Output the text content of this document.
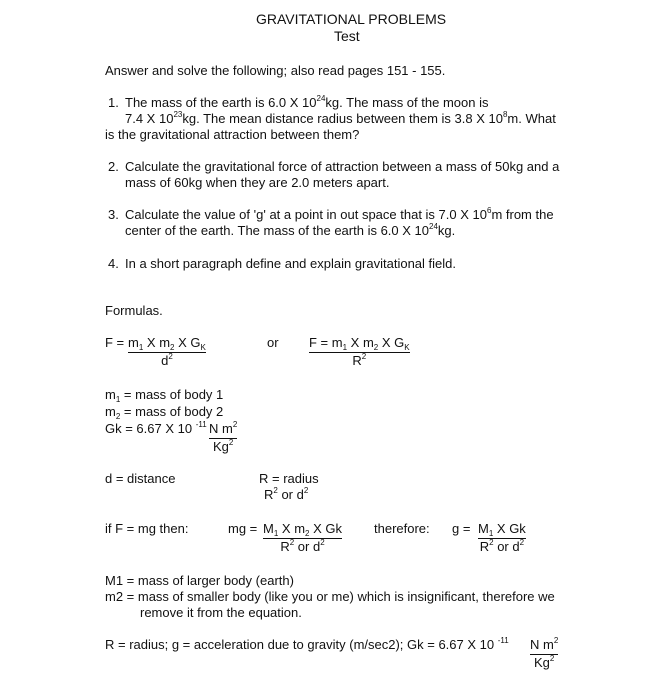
GRAVITATIONAL PROBLEMS
Test
Answer and solve the following; also read pages 151 - 155.
1. The mass of the earth is 6.0 X $10^{24}kg$. The mass of the moon is
7.4 X $10^{23}kg$. The mean distance radius between them is 3.8 X $10^8m$. What
is the gravitational attraction between them?
2. Calculate the gravitational force of attraction between a mass of 50kg and a
mass of 60kg when they are 2.0 meters apart.
3. Calculate the value of 'g' at a point in out space that is 7.0 X $10^6m$ from the
center of the earth. The mass of the earth is 6.0 X $10^{24}kg$.
4. In a short paragraph define and explain gravitational field.
Formulas.
$F = \frac{m_1 X m_2 X G_K}{d^2}$	or $\frac{F = m_1 X m_2 X G_K}{R^2}$
$m_1$ = mass of body 1
$m_2$ = mass of body 2
Gk = 6.67 X 10 $^{-11} \frac{N m^2}{Kg^2}$
d = distance	R = radius
$R^2$ or $d^2$
if F = mg then:	mg = $\frac{M_1 X m_2 X Gk}{R^2 or d^2}$ therefore: $g = \frac{M_1 X Gk}{R^2 or d^2}$
M1 = mass of larger body (earth)
m2 = mass of smaller body (like you or me) which is insignificant, therefore we
remove it from the equation.
R = radius; g = acceleration due to gravity (m/sec2); Gk = 6.67 X 10 $^{-11} \frac{N m^2}{Kg^2}$
